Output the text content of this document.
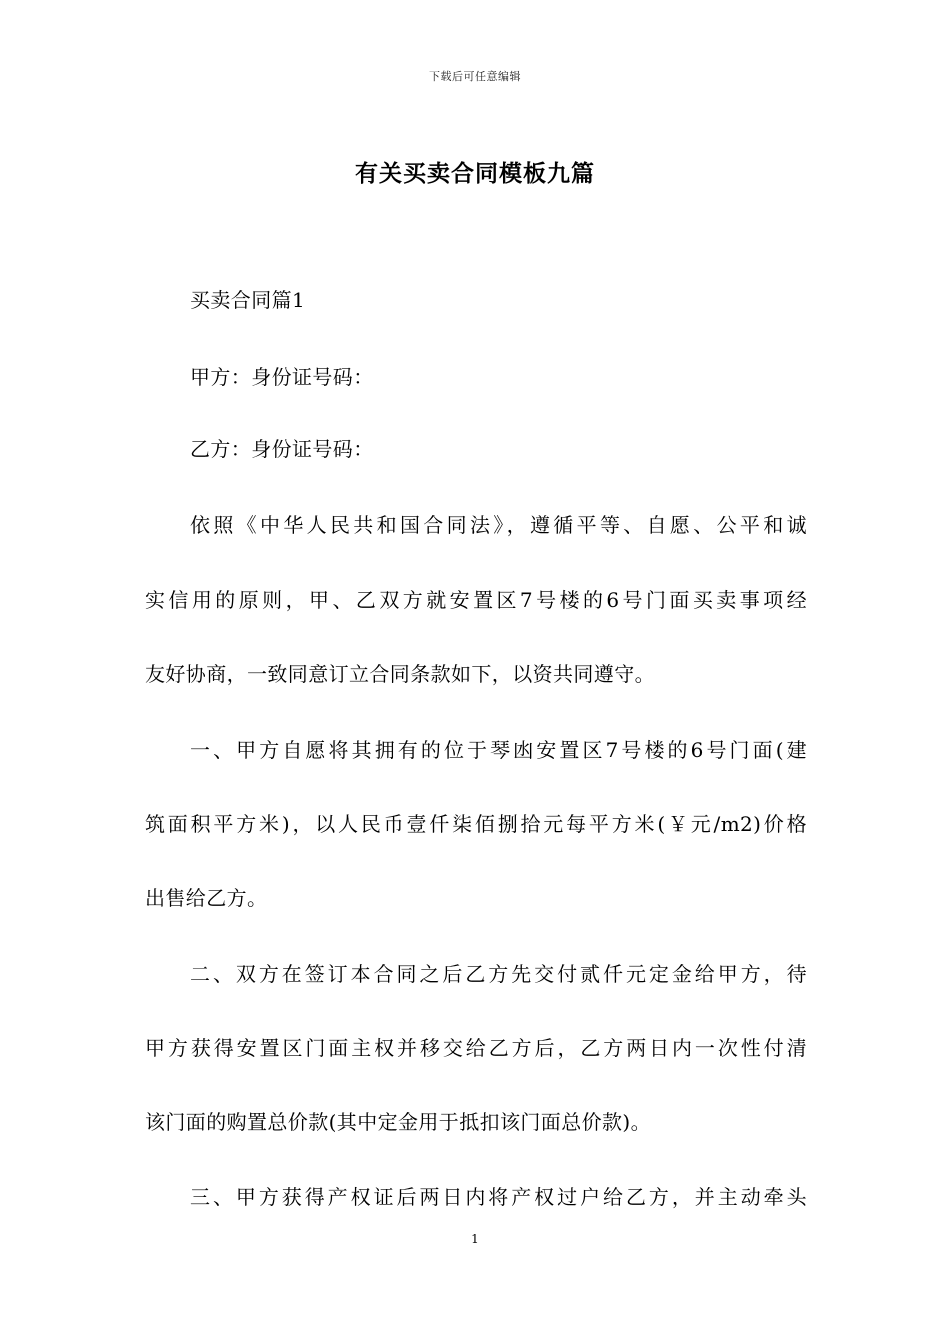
下载后可任意编辑
有关买卖合同模板九篇
买卖合同篇1
甲方：身份证号码：
乙方：身份证号码：
依照《中华人民共和国合同法》，遵循平等、自愿、公平和诚
实信用的原则，甲、乙双方就安置区7号楼的6号门面买卖事项经
友好协商，一致同意订立合同条款如下，以资共同遵守。
一、甲方自愿将其拥有的位于琴凼安置区7号楼的6号门面(建
筑面积平方米)，以人民币壹仟柒佰捌拾元每平方米(￥元/m2)价格
出售给乙方。
二、双方在签订本合同之后乙方先交付贰仟元定金给甲方，待
甲方获得安置区门面主权并移交给乙方后，乙方两日内一次性付清
该门面的购置总价款(其中定金用于抵扣该门面总价款)。
三、甲方获得产权证后两日内将产权过户给乙方，并主动牵头
1
